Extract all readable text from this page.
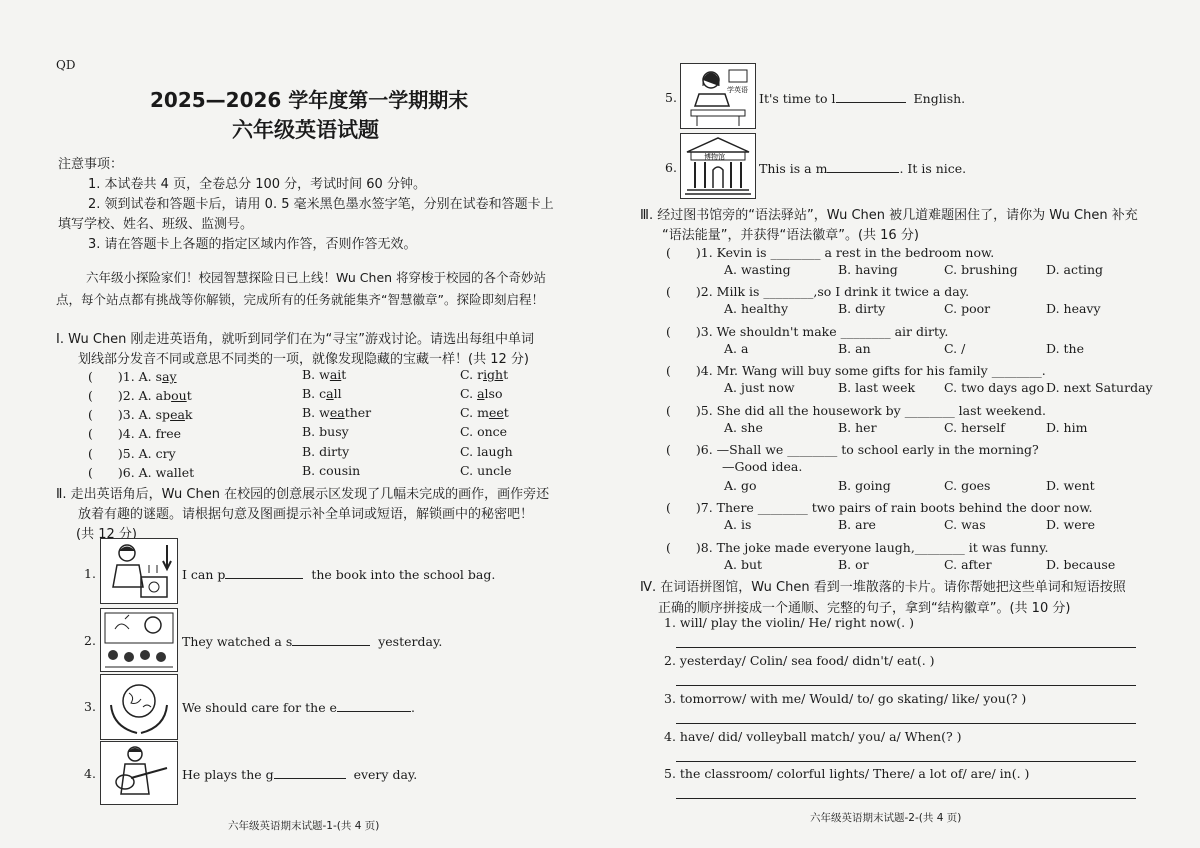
QD
2025—2026 学年度第一学期期末
六年级英语试题
注意事项：
1. 本试卷共 4 页，全卷总分 100 分，考试时间 60 分钟。
2. 领到试卷和答题卡后，请用 0. 5 毫米黑色墨水签字笔，分别在试卷和答题卡上
填写学校、姓名、班级、监测号。
3. 请在答题卡上各题的指定区域内作答，否则作答无效。
六年级小探险家们！校园智慧探险日已上线！Wu Chen 将穿梭于校园的各个奇妙站
点，每个站点都有挑战等你解锁，完成所有的任务就能集齐“智慧徽章”。探险即刻启程！
Ⅰ. Wu Chen 刚走进英语角，就听到同学们在为“寻宝”游戏讨论。请选出每组中单词
划线部分发音不同或意思不同类的一项，就像发现隐藏的宝藏一样！(共 12 分)
(　　)1. A. say	B. wait	C. right
(　　)2. A. about	B. call	C. also
(　　)3. A. speak	B. weather	C. meet
(　　)4. A. free	B. busy	C. once
(　　)5. A. cry	B. dirty	C. laugh
(　　)6. A. wallet	B. cousin	C. uncle
Ⅱ. 走出英语角后，Wu Chen 在校园的创意展示区发现了几幅未完成的画作，画作旁还
放着有趣的谜题。请根据句意及图画提示补全单词或短语，解锁画中的秘密吧！
(共 12 分)
1.	I can p	the book into the school bag.
2.	They watched a s	yesterday.
3.	We should care for the e	.
4.	He plays the g	every day.
六年级英语期末试题-1-(共 4 页)
5.	学英语
It's time to l	English.
6.
博物馆
This is a m	. It is nice.
Ⅲ. 经过图书馆旁的“语法驿站”，Wu Chen 被几道难题困住了，请你为 Wu Chen 补充
“语法能量”，并获得“语法徽章”。(共 16 分)
(　　)1. Kevin is ________ a rest in the bedroom now.
A. wasting	B. having	C. brushing D. acting
(　　)2. Milk is ________,so I drink it twice a day.
A. healthy	B. dirty	C. poor	D. heavy
(　　)3. We shouldn't make ________ air dirty.
A. a	B. an	C. /	D. the
(　　)4. Mr. Wang will buy some gifts for his family ________.
A. just now	B. last week C. two days ago D. next Saturday
(　　)5. She did all the housework by ________ last weekend.
A. she	B. her	C. herself	D. him
(　　)6. —Shall we ________ to school early in the morning?
—Good idea.
A. go	B. going	C. goes	D. went
(　　)7. There ________ two pairs of rain boots behind the door now.
A. is	B. are	C. was	D. were
(　　)8. The joke made everyone laugh,________ it was funny.
A. but	B. or	C. after	D. because
Ⅳ. 在词语拼图馆，Wu Chen 看到一堆散落的卡片。请你帮她把这些单词和短语按照
正确的顺序拼接成一个通顺、完整的句子，拿到“结构徽章”。(共 10 分)
1. will/ play the violin/ He/ right now(. )
2. yesterday/ Colin/ sea food/ didn't/ eat(. )
3. tomorrow/ with me/ Would/ to/ go skating/ like/ you(? )
4. have/ did/ volleyball match/ you/ a/ When(? )
5. the classroom/ colorful lights/ There/ a lot of/ are/ in(. )
六年级英语期末试题-2-(共 4 页)
